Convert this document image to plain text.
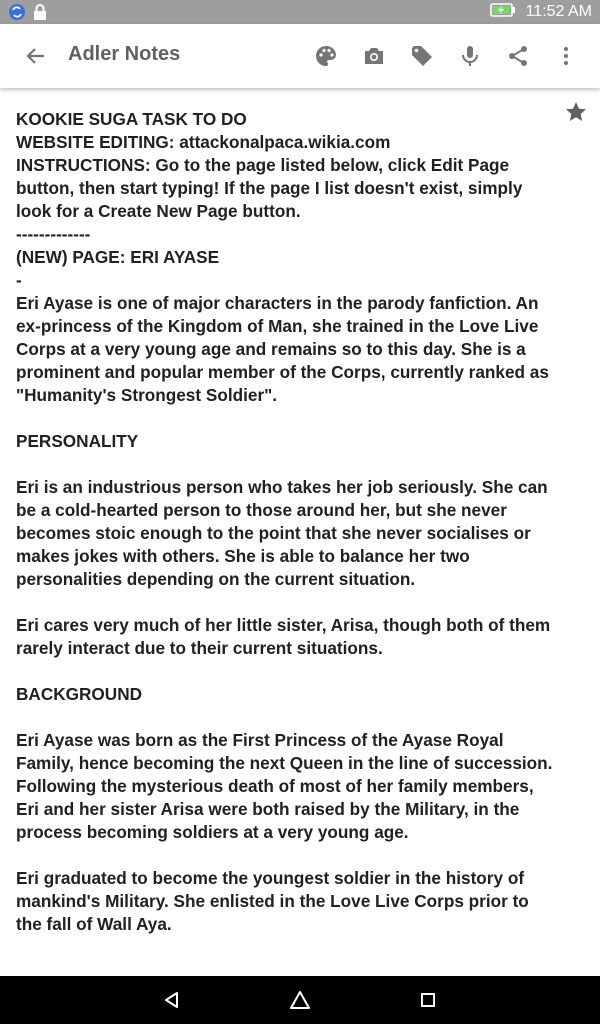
11:52 AM
Adler Notes

KOOKIE SUGA TASK TO DO

WEBSITE EDITING: attackonalpaca.wikia.com

INSTRUCTIONS: Go to the page listed below, click Edit Page button, then start typing! If the page I list doesn't exist, simply look for a Create New Page button.

-------------

(NEW) PAGE: ERI AYASE

-

Eri Ayase is one of major characters in the parody fanfiction. An ex-princess of the Kingdom of Man, she trained in the Love Live Corps at a very young age and remains so to this day. She is a prominent and popular member of the Corps, currently ranked as "Humanity's Strongest Soldier".

PERSONALITY

Eri is an industrious person who takes her job seriously. She can be a cold-hearted person to those around her, but she never becomes stoic enough to the point that she never socialises or makes jokes with others. She is able to balance her two personalities depending on the current situation.

Eri cares very much of her little sister, Arisa, though both of them rarely interact due to their current situations.

BACKGROUND

Eri Ayase was born as the First Princess of the Ayase Royal Family, hence becoming the next Queen in the line of succession. Following the mysterious death of most of her family members, Eri and her sister Arisa were both raised by the Military, in the process becoming soldiers at a very young age.

Eri graduated to become the youngest soldier in the history of mankind's Military. She enlisted in the Love Live Corps prior to the fall of Wall Aya.
